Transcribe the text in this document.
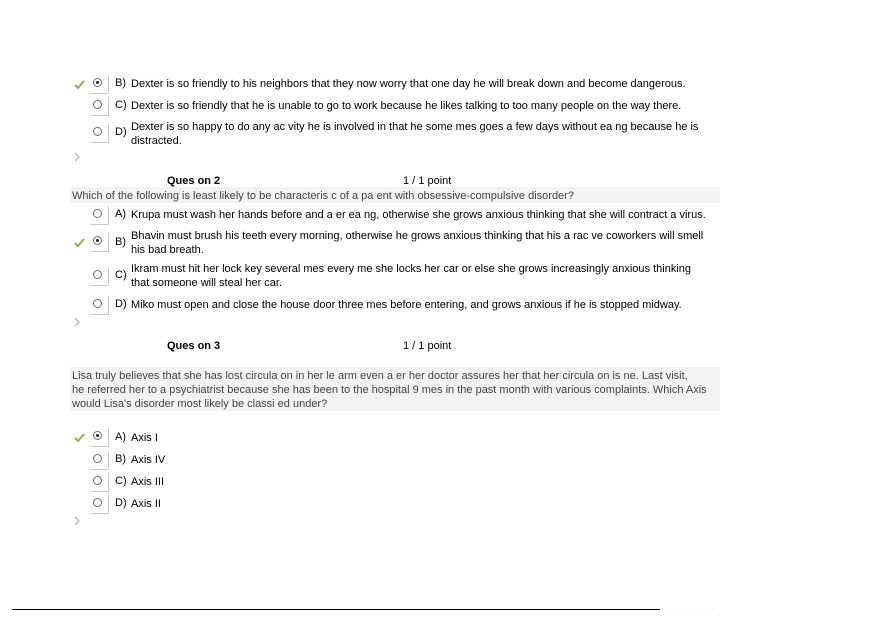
B) Dexter is so friendly to his neighbors that they now worry that one day he will break down and become dangerous.
C) Dexter is so friendly that he is unable to go to work because he likes talking to too many people on the way there.
D) Dexter is so happy to do any ac vity he is involved in that he some mes goes a few days without ea ng because he is
distracted.
Ques on 2	1 / 1 point
Which of the following is least likely to be characteris c of a pa ent with obsessive-compulsive disorder?
A) Krupa must wash her hands before and a er ea ng, otherwise she grows anxious thinking that she will contract a virus.
B) Bhavin must brush his teeth every morning, otherwise he grows anxious thinking that his a rac ve coworkers will smell
his bad breath.
C) Ikram must hit her lock key several mes every me she locks her car or else she grows increasingly anxious thinking
that someone will steal her car.
D) Miko must open and close the house door three mes before entering, and grows anxious if he is stopped midway.
Ques on 3	1 / 1 point
Lisa truly believes that she has lost circula on in her le arm even a er her doctor assures her that her circula on is ne. Last visit,
he referred her to a psychiatrist because she has been to the hospital 9 mes in the past month with various complaints. Which Axis
would Lisa's disorder most likely be classi ed under?
A) Axis I
B) Axis IV
C) Axis III
D) Axis II
· · · · · · · ·
